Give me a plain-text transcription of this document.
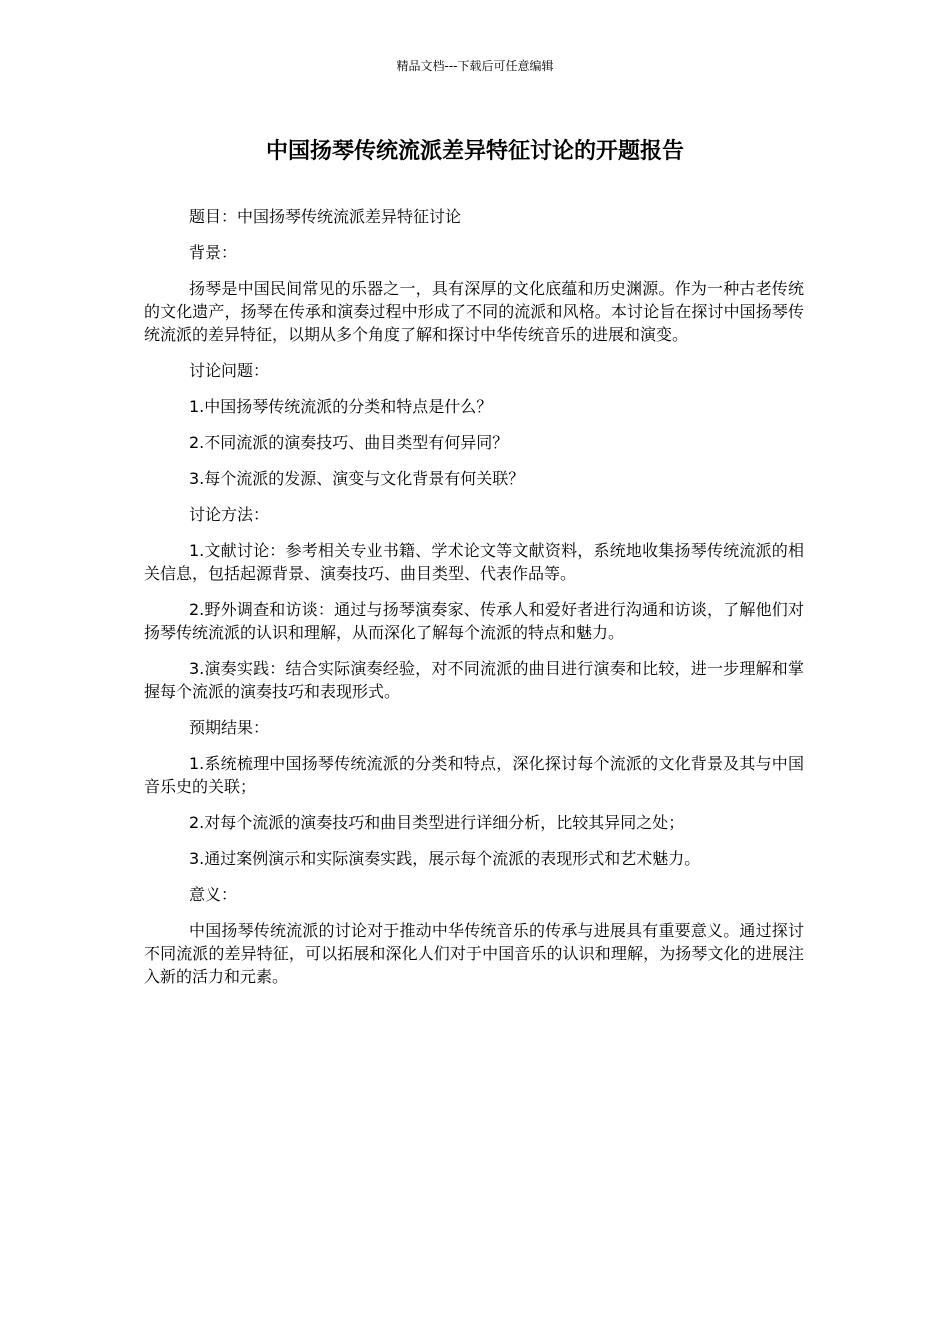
精品文档---下载后可任意编辑
中国扬琴传统流派差异特征讨论的开题报告

题目：中国扬琴传统流派差异特征讨论

背景：

扬琴是中国民间常见的乐器之一，具有深厚的文化底蕴和历史渊源。作为一种古老传统的文化遗产，扬琴在传承和演奏过程中形成了不同的流派和风格。本讨论旨在探讨中国扬琴传统流派的差异特征，以期从多个角度了解和探讨中华传统音乐的进展和演变。

讨论问题：

1.中国扬琴传统流派的分类和特点是什么？

2.不同流派的演奏技巧、曲目类型有何异同？

3.每个流派的发源、演变与文化背景有何关联？

讨论方法：

1.文献讨论：参考相关专业书籍、学术论文等文献资料，系统地收集扬琴传统流派的相关信息，包括起源背景、演奏技巧、曲目类型、代表作品等。

2.野外调查和访谈：通过与扬琴演奏家、传承人和爱好者进行沟通和访谈，了解他们对扬琴传统流派的认识和理解，从而深化了解每个流派的特点和魅力。

3.演奏实践：结合实际演奏经验，对不同流派的曲目进行演奏和比较，进一步理解和掌握每个流派的演奏技巧和表现形式。

预期结果：

1.系统梳理中国扬琴传统流派的分类和特点，深化探讨每个流派的文化背景及其与中国音乐史的关联；

2.对每个流派的演奏技巧和曲目类型进行详细分析，比较其异同之处；

3.通过案例演示和实际演奏实践，展示每个流派的表现形式和艺术魅力。

意义：

中国扬琴传统流派的讨论对于推动中华传统音乐的传承与进展具有重要意义。通过探讨不同流派的差异特征，可以拓展和深化人们对于中国音乐的认识和理解，为扬琴文化的进展注入新的活力和元素。
